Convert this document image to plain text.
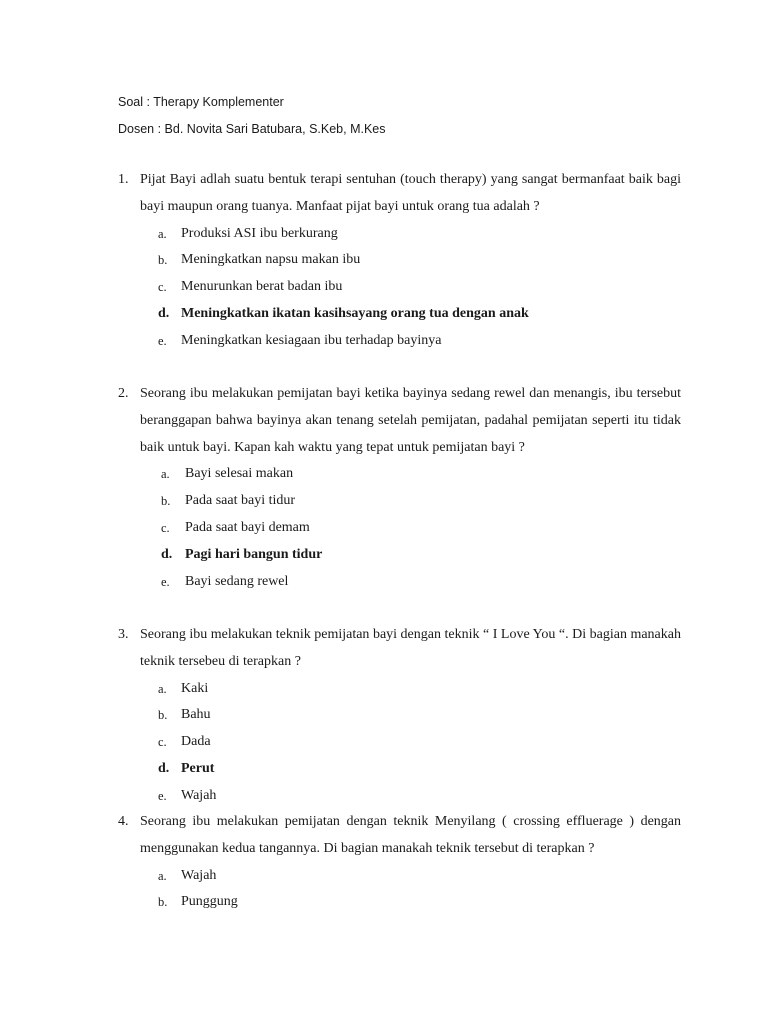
Soal : Therapy Komplementer
Dosen : Bd. Novita Sari Batubara, S.Keb, M.Kes
1. Pijat Bayi adlah suatu bentuk terapi sentuhan (touch therapy) yang sangat bermanfaat baik bagi bayi maupun orang tuanya. Manfaat pijat bayi untuk orang tua adalah ?
a. Produksi ASI ibu berkurang
b. Meningkatkan napsu makan ibu
c. Menurunkan berat badan ibu
d. Meningkatkan ikatan kasihsayang orang tua dengan anak
e. Meningkatkan kesiagaan ibu terhadap bayinya
2. Seorang ibu melakukan pemijatan bayi ketika bayinya sedang rewel dan menangis, ibu tersebut beranggapan bahwa bayinya akan tenang setelah pemijatan, padahal pemijatan seperti itu tidak baik untuk bayi. Kapan kah waktu yang tepat untuk pemijatan bayi ?
a. Bayi selesai makan
b. Pada saat bayi tidur
c. Pada saat bayi demam
d. Pagi hari bangun tidur
e. Bayi sedang rewel
3. Seorang ibu melakukan teknik pemijatan bayi dengan teknik “ I Love You “. Di bagian manakah teknik tersebeu di terapkan ?
a. Kaki
b. Bahu
c. Dada
d. Perut
e. Wajah
4. Seorang ibu melakukan pemijatan dengan teknik Menyilang ( crossing effluerage ) dengan menggunakan kedua tangannya. Di bagian manakah teknik tersebut di terapkan ?
a. Wajah
b. Punggung
